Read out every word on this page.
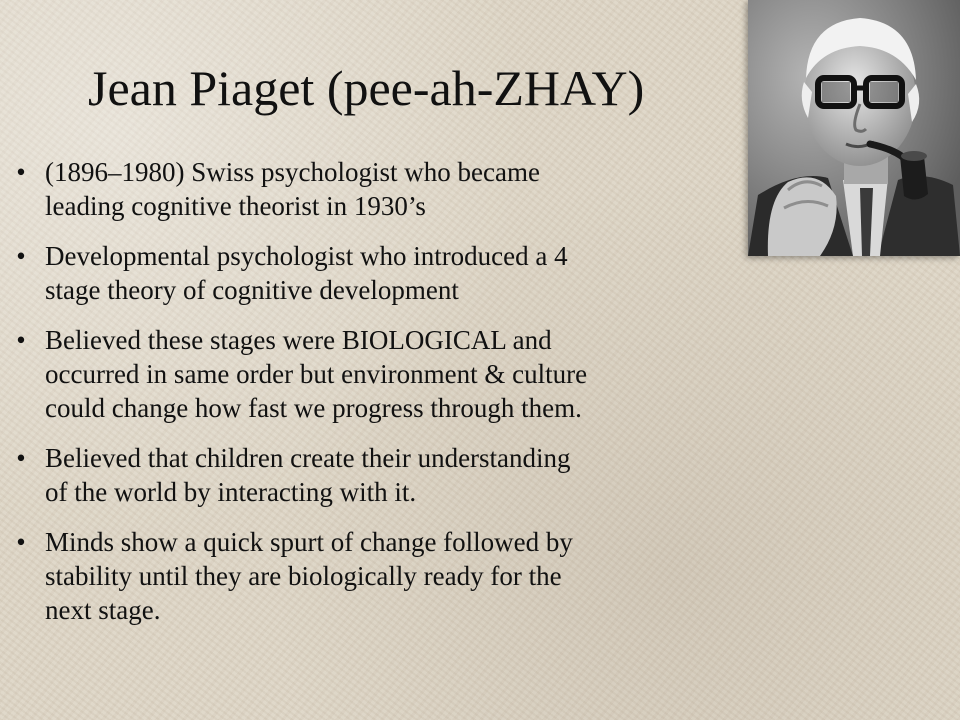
Jean Piaget (pee-ah-ZHAY)
• (1896–1980) Swiss psychologist who became
leading cognitive theorist in 1930’s
• Developmental psychologist who introduced a 4
stage theory of cognitive development
• Believed these stages were BIOLOGICAL and
occurred in same order but environment & culture
could change how fast we progress through them.
• Believed that children create their understanding
of the world by interacting with it.
• Minds show a quick spurt of change followed by
stability until they are biologically ready for the
next stage.
